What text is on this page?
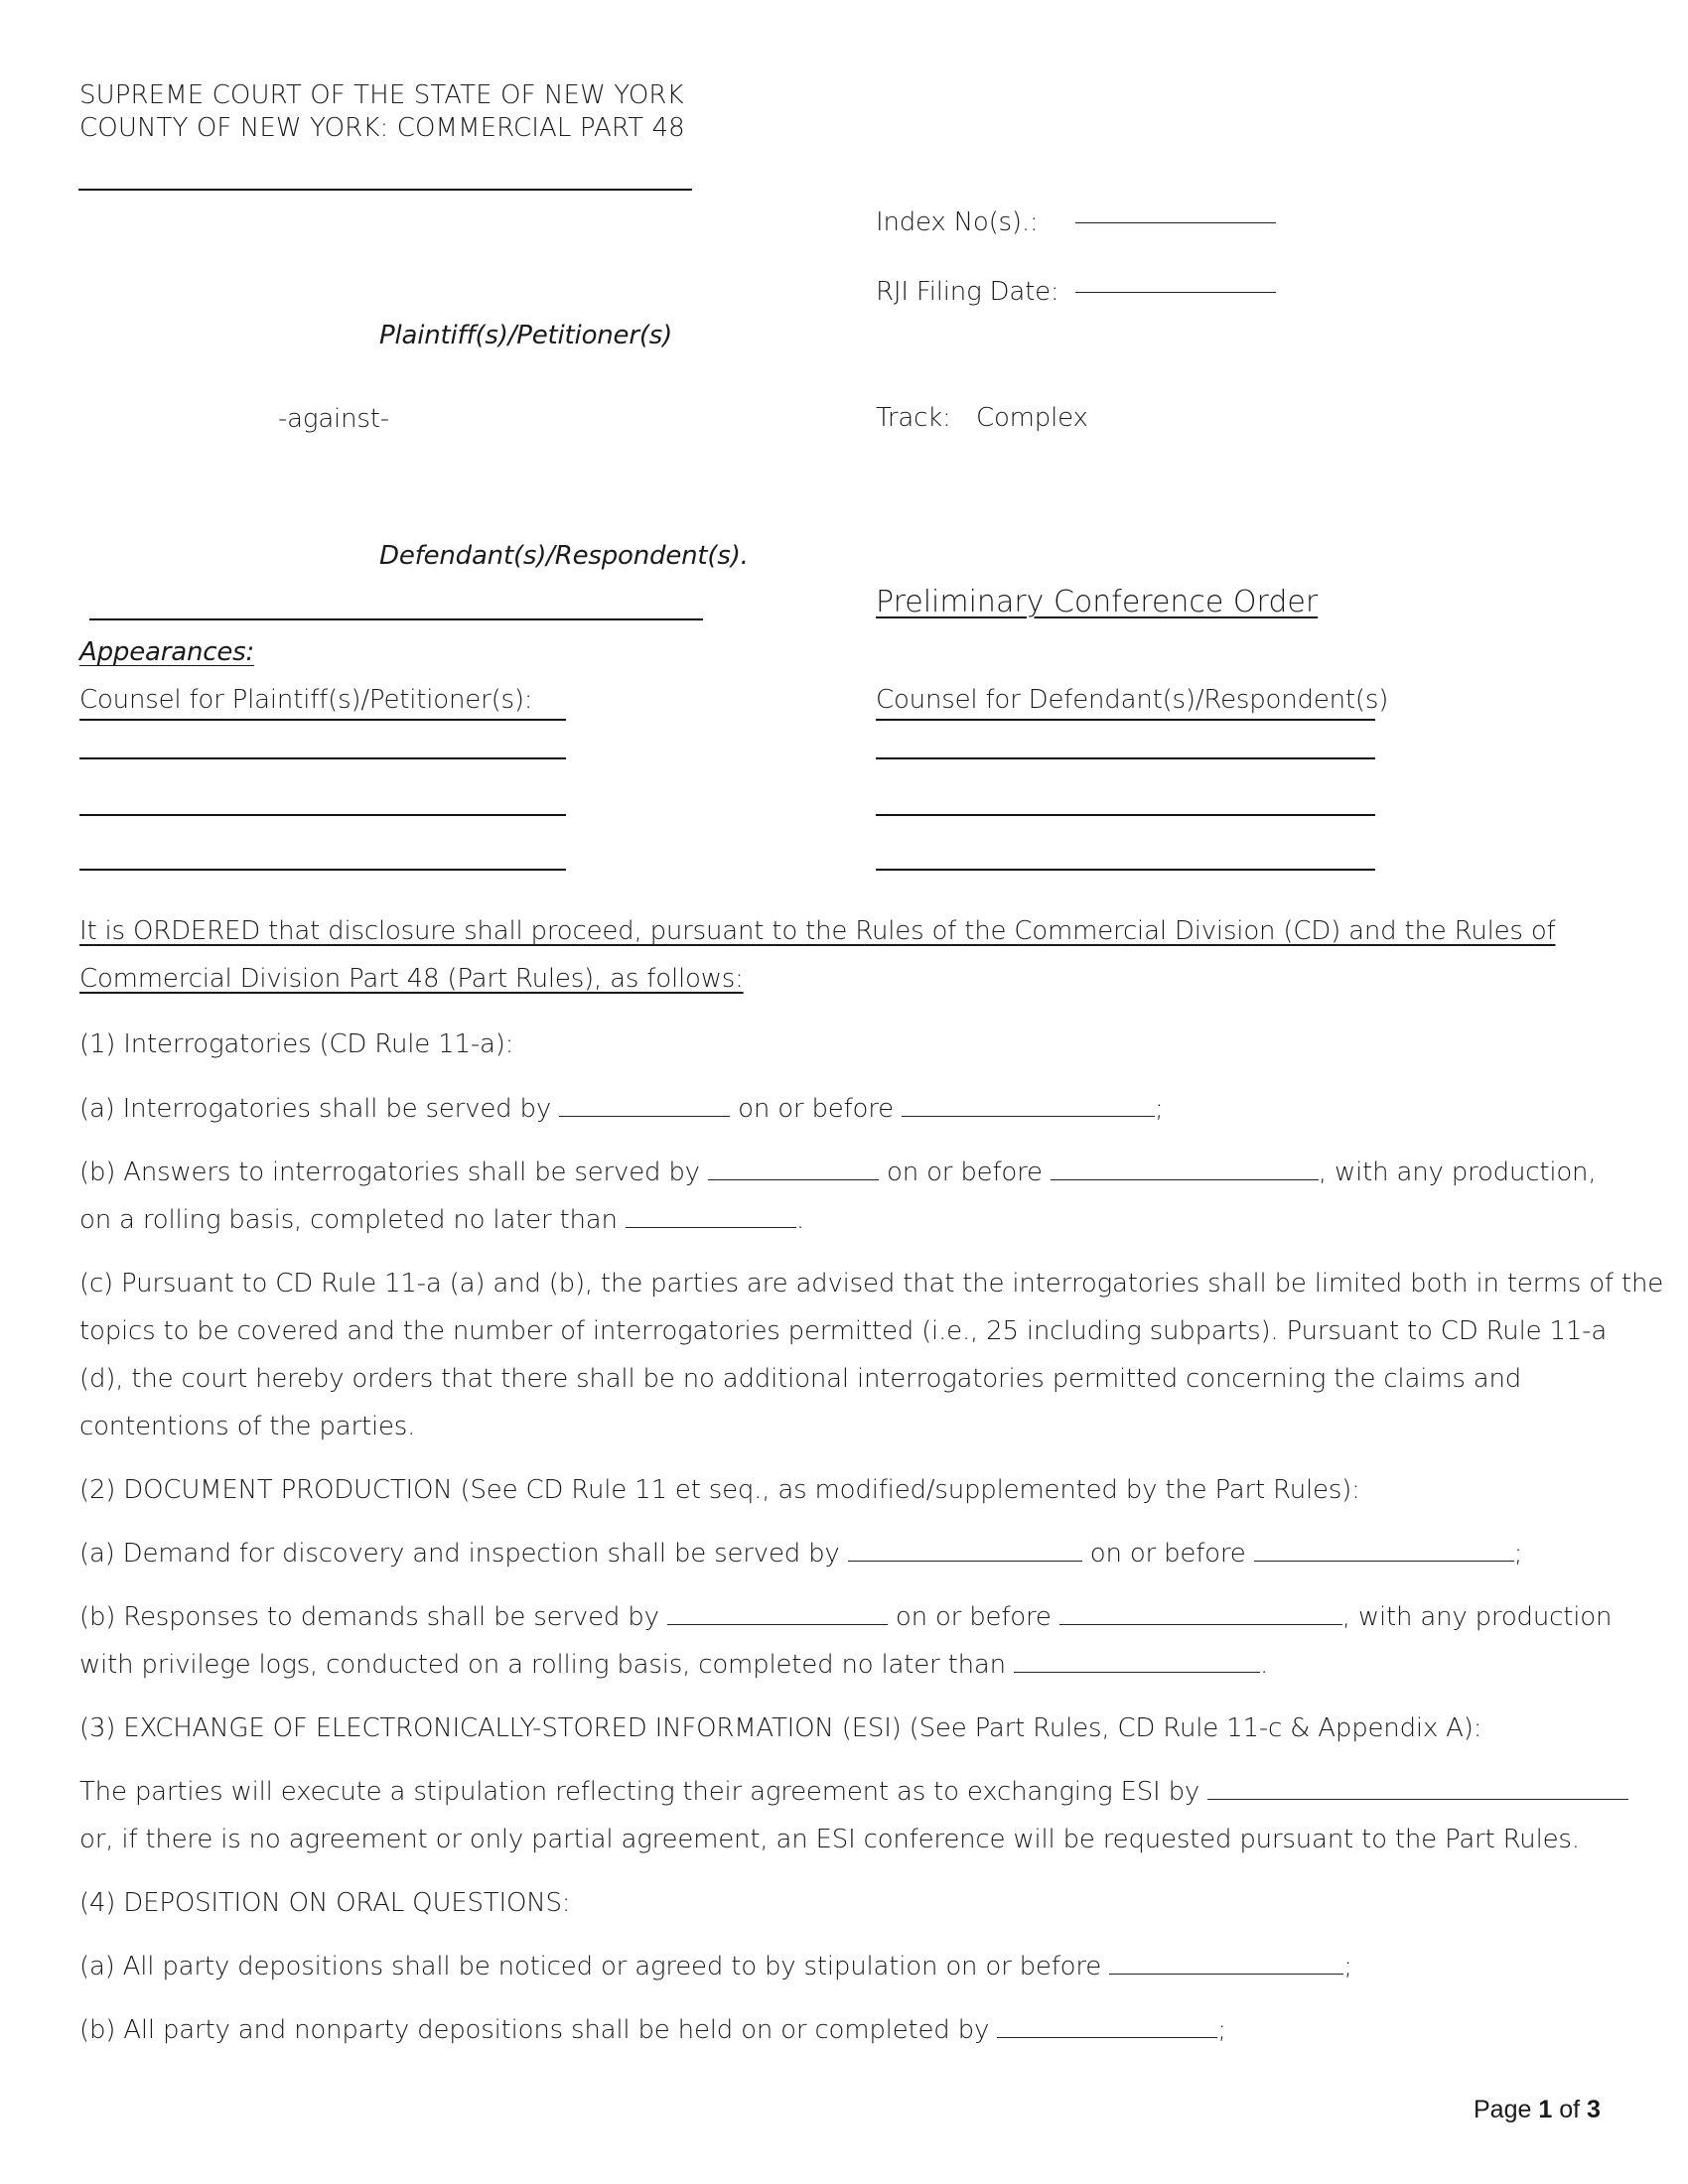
SUPREME COURT OF THE STATE OF NEW YORK
COUNTY OF NEW YORK: COMMERCIAL PART 48
Plaintiff(s)/Petitioner(s)
-against-
Defendant(s)/Respondent(s).
Index No(s).:
RJI Filing Date:
Track: Complex
Preliminary Conference Order
Appearances:
Counsel for Plaintiff(s)/Petitioner(s):	Counsel for Defendant(s)/Respondent(s)
It is ORDERED that disclosure shall proceed, pursuant to the Rules of the Commercial Division (CD) and the Rules of
Commercial Division Part 48 (Part Rules), as follows:
(1) Interrogatories (CD Rule 11-a):
(a) Interrogatories shall be served by	on or before	;
(b) Answers to interrogatories shall be served by	on or before	, with any production,
on a rolling basis, completed no later than	.
(c) Pursuant to CD Rule 11-a (a) and (b), the parties are advised that the interrogatories shall be limited both in terms of the
topics to be covered and the number of interrogatories permitted (i.e., 25 including subparts). Pursuant to CD Rule 11-a
(d), the court hereby orders that there shall be no additional interrogatories permitted concerning the claims and
contentions of the parties.
(2) DOCUMENT PRODUCTION (See CD Rule 11 et seq., as modified/supplemented by the Part Rules):
(a) Demand for discovery and inspection shall be served by	on or before	;
(b) Responses to demands shall be served by	on or before	, with any production
with privilege logs, conducted on a rolling basis, completed no later than	.
(3) EXCHANGE OF ELECTRONICALLY-STORED INFORMATION (ESI) (See Part Rules, CD Rule 11-c & Appendix A):
The parties will execute a stipulation reflecting their agreement as to exchanging ESI by
or, if there is no agreement or only partial agreement, an ESI conference will be requested pursuant to the Part Rules.
(4) DEPOSITION ON ORAL QUESTIONS:
(a) All party depositions shall be noticed or agreed to by stipulation on or before	;
(b) All party and nonparty depositions shall be held on or completed by	;
Page 1 of 3
